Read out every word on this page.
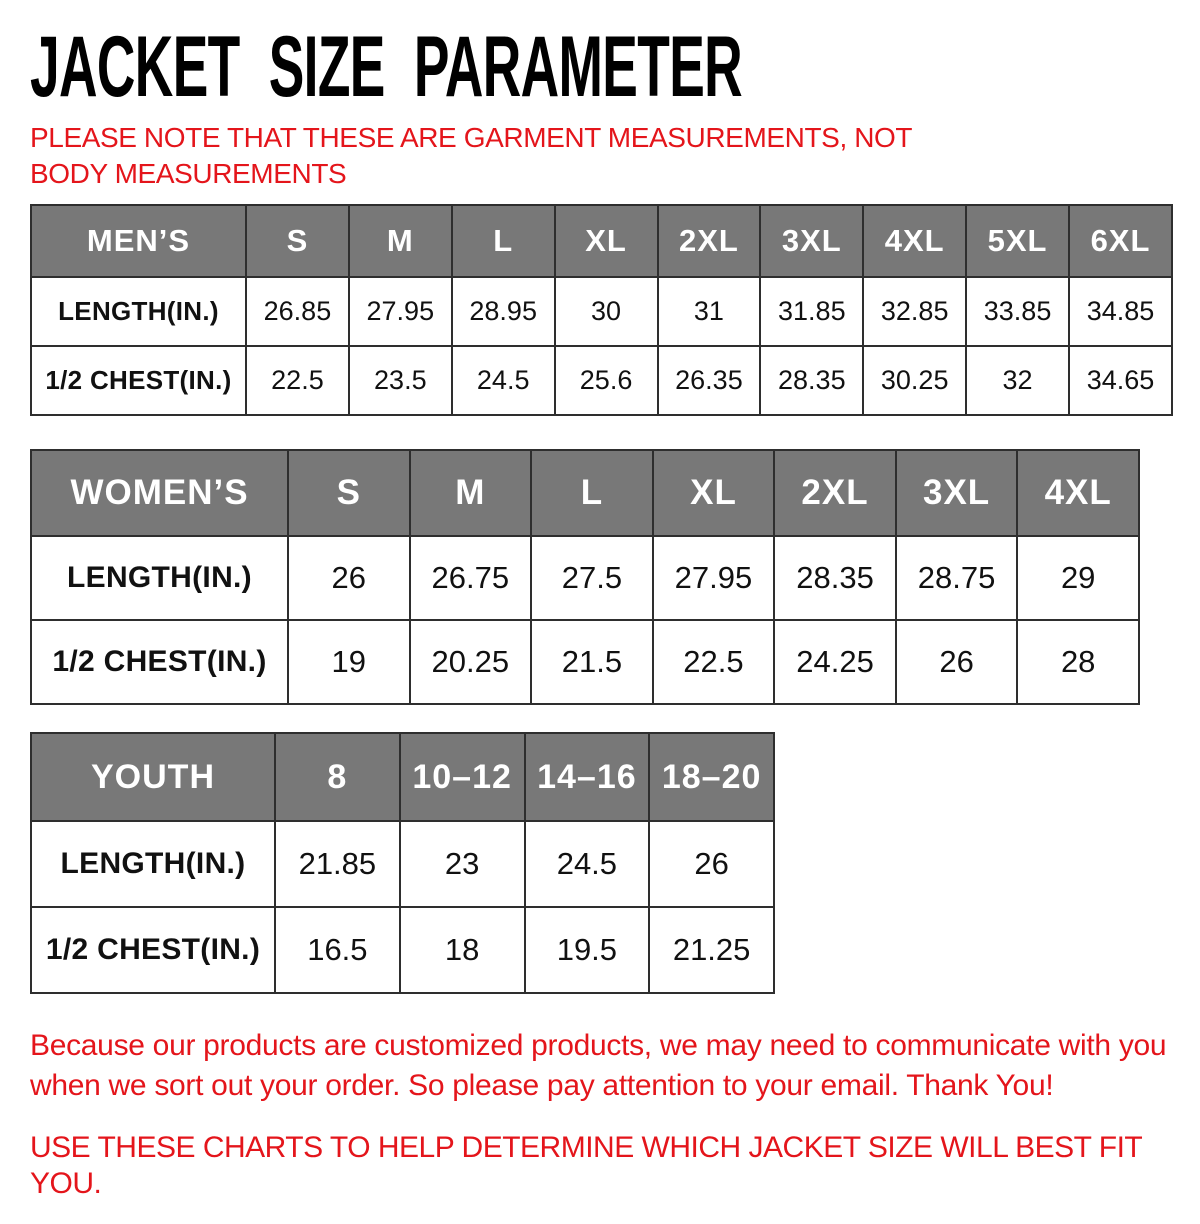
JACKET SIZE PARAMETER

PLEASE NOTE THAT THESE ARE GARMENT MEASUREMENTS, NOT BODY MEASUREMENTS

MEN’S	S	M	L	XL	2XL	3XL	4XL	5XL	6XL
LENGTH(IN.)	26.85	27.95	28.95	30	31	31.85	32.85	33.85	34.85
1/2 CHEST(IN.)	22.5	23.5	24.5	25.6	26.35	28.35	30.25	32	34.65
WOMEN’S	S	M	L	XL	2XL	3XL	4XL
LENGTH(IN.)	26	26.75	27.5	27.95	28.35	28.75	29
1/2 CHEST(IN.)	19	20.25	21.5	22.5	24.25	26	28
YOUTH	8	10–12	14–16	18–20
LENGTH(IN.)	21.85	23	24.5	26
1/2 CHEST(IN.)	16.5	18	19.5	21.25

Because our products are customized products, we may need to communicate with you when we sort out your order. So please pay attention to your email. Thank You!

USE THESE CHARTS TO HELP DETERMINE WHICH JACKET SIZE WILL BEST FIT YOU.
